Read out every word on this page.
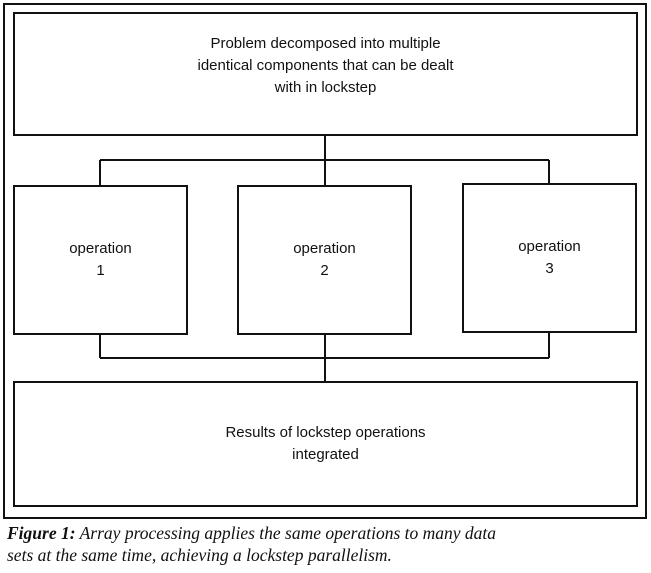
Problem decomposed into multiple
identical components that can be dealt
with in lockstep
operation
1
operation
2
operation
3
Results of lockstep operations
integrated
Figure 1: Array processing applies the same operations to many data
sets at the same time, achieving a lockstep parallelism.
